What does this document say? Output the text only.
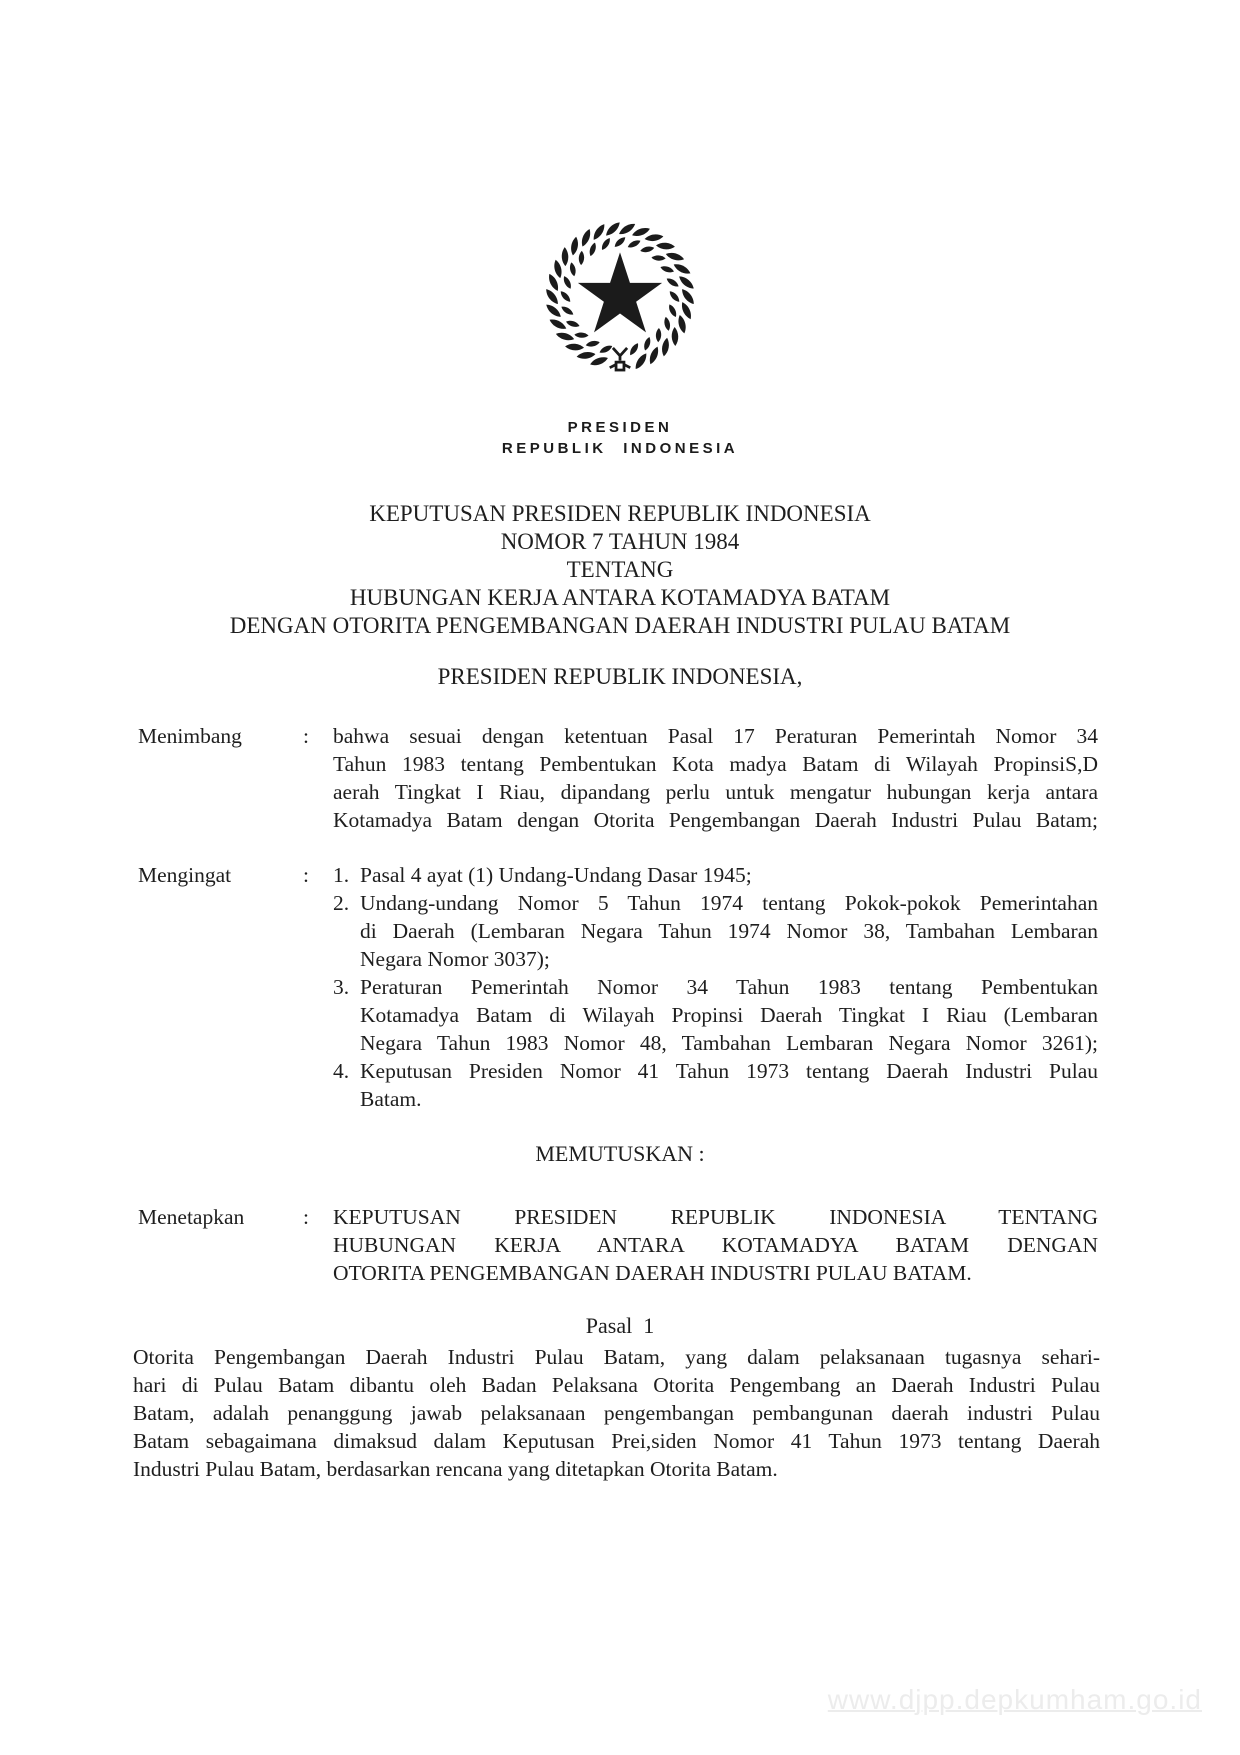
PRESIDEN
REPUBLIK INDONESIA
KEPUTUSAN PRESIDEN REPUBLIK INDONESIA
NOMOR 7 TAHUN 1984
TENTANG
HUBUNGAN KERJA ANTARA KOTAMADYA BATAM
DENGAN OTORITA PENGEMBANGAN DAERAH INDUSTRI PULAU BATAM
PRESIDEN REPUBLIK INDONESIA,
Menimbang	: bahwa sesuai dengan ketentuan Pasal 17 Peraturan Pemerintah Nomor 34
Tahun 1983 tentang Pembentukan Kota madya Batam di Wilayah PropinsiS,D
aerah Tingkat I Riau, dipandang perlu untuk mengatur hubungan kerja antara
Kotamadya Batam dengan Otorita Pengembangan Daerah Industri Pulau Batam;
Mengingat	: 1. Pasal 4 ayat (1) Undang-Undang Dasar 1945;
2. Undang-undang Nomor 5 Tahun 1974 tentang Pokok-pokok Pemerintahan
di Daerah (Lembaran Negara Tahun 1974 Nomor 38, Tambahan Lembaran
Negara Nomor 3037);
3. Peraturan Pemerintah Nomor 34 Tahun 1983 tentang Pembentukan
Kotamadya Batam di Wilayah Propinsi Daerah Tingkat I Riau (Lembaran
Negara Tahun 1983 Nomor 48, Tambahan Lembaran Negara Nomor 3261);
4. Keputusan Presiden Nomor 41 Tahun 1973 tentang Daerah Industri Pulau
Batam.
MEMUTUSKAN :
Menetapkan	: KEPUTUSAN PRESIDEN REPUBLIK INDONESIA TENTANG
HUBUNGAN KERJA ANTARA KOTAMADYA BATAM DENGAN
OTORITA PENGEMBANGAN DAERAH INDUSTRI PULAU BATAM.
Pasal  1
Otorita Pengembangan Daerah Industri Pulau Batam, yang dalam pelaksanaan tugasnya sehari-
hari di Pulau Batam dibantu oleh Badan Pelaksana Otorita Pengembang an Daerah Industri Pulau
Batam, adalah penanggung jawab pelaksanaan pengembangan pembangunan daerah industri Pulau
Batam sebagaimana dimaksud dalam Keputusan Prei,siden Nomor 41 Tahun 1973 tentang Daerah
Industri Pulau Batam, berdasarkan rencana yang ditetapkan Otorita Batam.
www.djpp.depkumham.go.id
